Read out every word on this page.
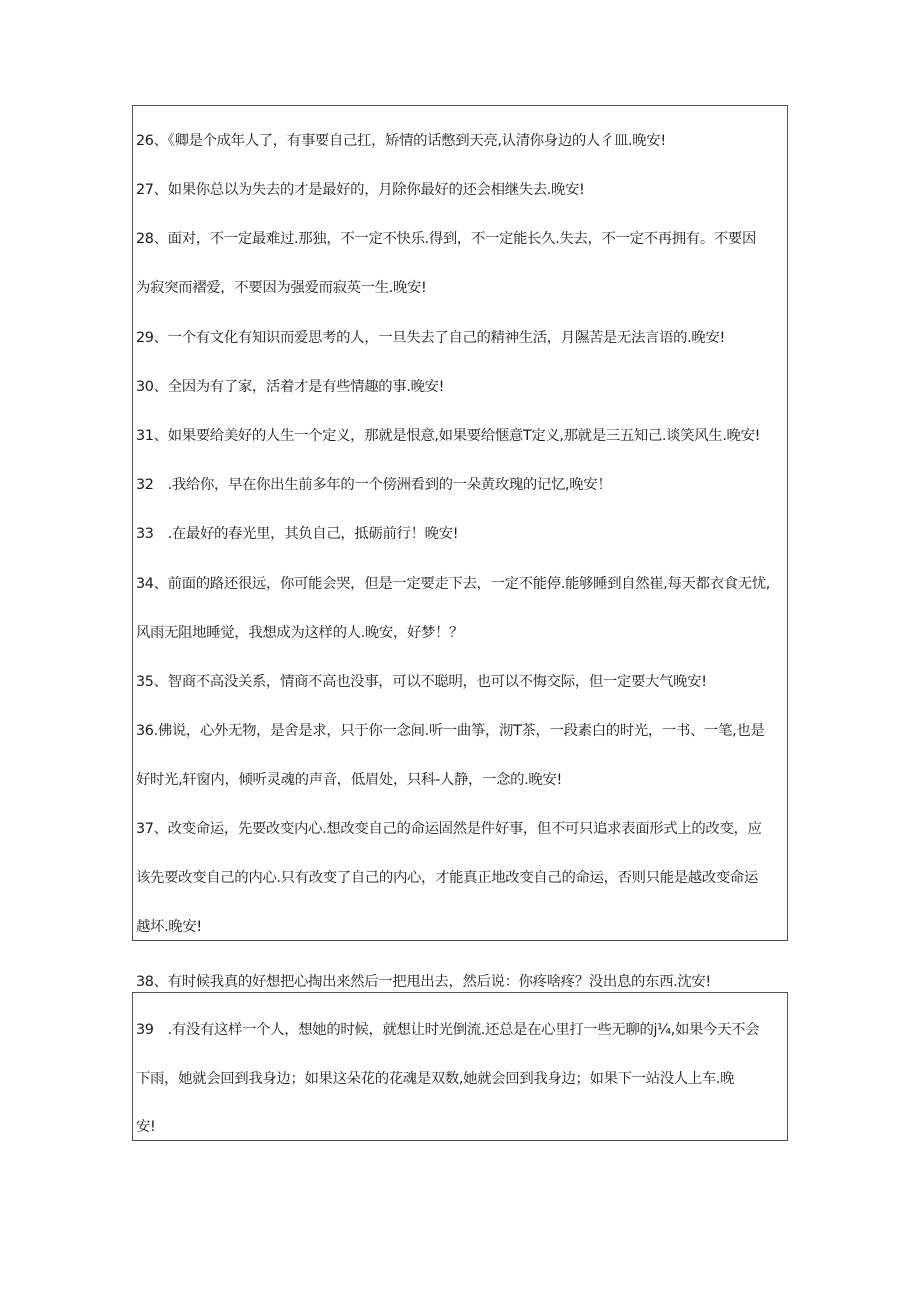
26、《卿是个成年人了，有事要自己扛，矫情的话憋到天亮,认清你身边的人彳皿.晚安!
27、如果你总以为失去的才是最好的，月除你最好的还会相继失去.晚安!
28、面对，不一定最难过.那独，不一定不快乐.得到，不一定能长久.失去，不一定不再拥有。不要因
为寂突而褶爱，不要因为强爱而寂英一生.晚安!
29、一个有文化有知识而爱思考的人，一旦失去了自己的精神生活，月隰苦是无法言语的.晚安!
30、全因为有了家，活着才是有些情趣的事.晚安!
31、如果要给美好的人生一个定义，那就是恨意,如果要给惬意T定义,那就是三五知己.谈笑风生.晚安!
32　.我给你，早在你出生前多年的一个傍洲看到的一朵黄玫瑰的记忆,晚安！
33　.在最好的春光里，其负自己，抵砺前行！晚安!
34、前面的路还很远，你可能会哭，但是一定要走下去，一定不能停.能够睡到自然崔,每天都衣食无忧,
风雨无阻地睡觉，我想成为这样的人.晚安，好梦！？
35、智商不高没关系，情商不高也没事，可以不聪明，也可以不悔交际，但一定要大气晚安!
36.佛说，心外无物，是舍是求，只于你一念间.听一曲筝，沏T茶，一段素白的时光，一书、一笔,也是
好时光,轩窗内，倾听灵魂的声音，低眉处，只科-人静，一念的.晚安!
37、改变命运，先要改变内心.想改变自己的命运固然是件好事，但不可只追求表面形式上的改变，应
该先要改变自己的内心.只有改变了自己的内心，才能真正地改变自己的命运，否则只能是越改变命运
越坏.晚安!
38、有时候我真的好想把心掏出来然后一把甩出去，然后说：你疼啥疼？没出息的东西.沈安!
39　.有没有这样一个人，想她的时候，就想让时光倒流.还总是在心里打一些无聊的j¼,如果今天不会
下雨，她就会回到我身边；如果这朵花的花魂是双数,她就会回到我身边；如果下一站没人上车.晚
安!
